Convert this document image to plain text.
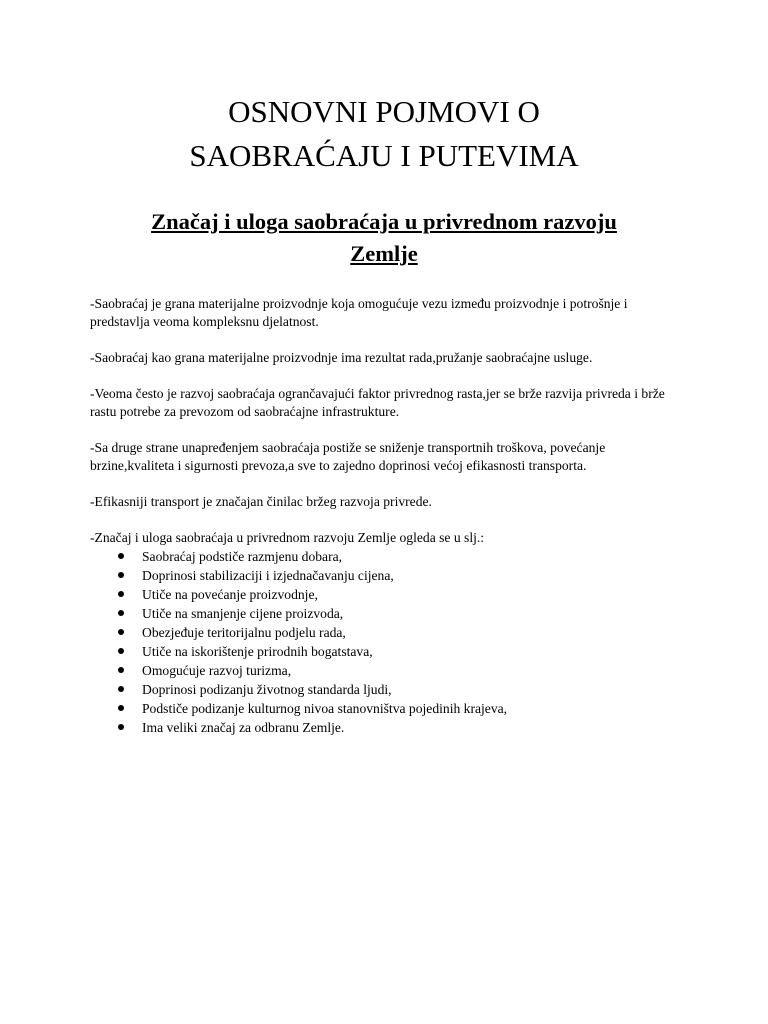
OSNOVNI POJMOVI O
SAOBRAĆAJU I PUTEVIMA
Značaj i uloga saobraćaja u privrednom razvoju
Zemlje

-Saobraćaj je grana materijalne proizvodnje koja omogućuje vezu između proizvodnje i potrošnje i predstavlja veoma kompleksnu djelatnost.

-Saobraćaj kao grana materijalne proizvodnje ima rezultat rada,pružanje saobraćajne usluge.

-Veoma često je razvoj saobraćaja ogrančavajući faktor privrednog rasta,jer se brže razvija privreda i brže rastu potrebe za prevozom od saobraćajne infrastrukture.

-Sa druge strane unapređenjem saobraćaja postiže se sniženje transportnih troškova, povećanje brzine,kvaliteta i sigurnosti prevoza,a sve to zajedno doprinosi većoj efikasnosti transporta.

-Efikasniji transport je značajan činilac bržeg razvoja privrede.

-Značaj i uloga saobraćaja u privrednom razvoju Zemlje ogleda se u slj.:

Saobraćaj podstiče razmjenu dobara,
Doprinosi stabilizaciji i izjednačavanju cijena,
Utiče na povećanje proizvodnje,
Utiče na smanjenje cijene proizvoda,
Obezjeđuje teritorijalnu podjelu rada,
Utiče na iskorištenje prirodnih bogatstava,
Omogućuje razvoj turizma,
Doprinosi podizanju životnog standarda ljudi,
Podstiče podizanje kulturnog nivoa stanovništva pojedinih krajeva,
Ima veliki značaj za odbranu Zemlje.
